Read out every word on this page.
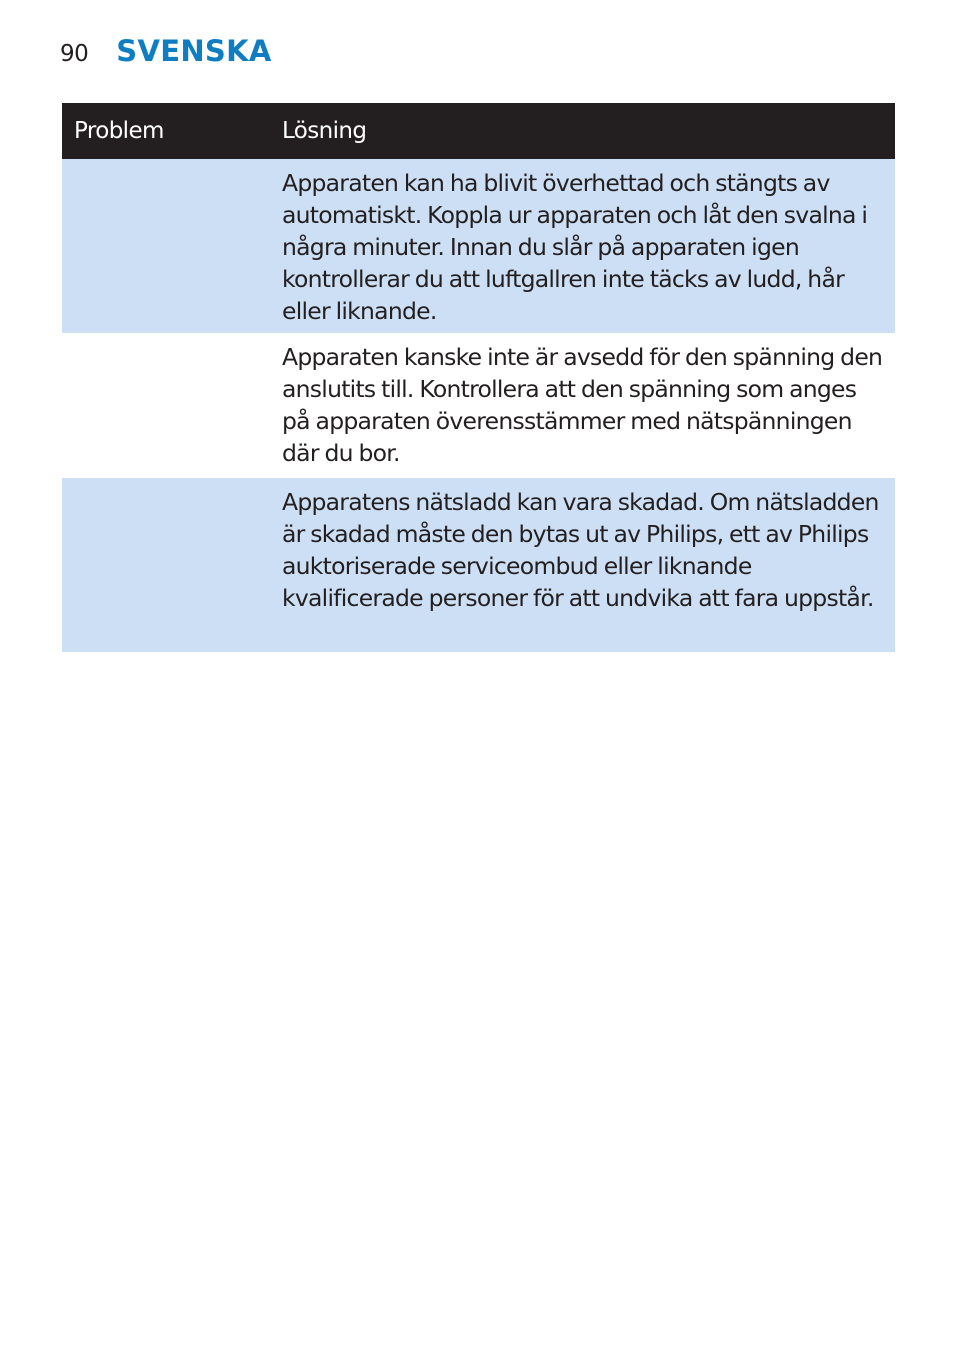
90 SVENSKA
Problem	Lösning
Apparaten kan ha blivit överhettad och stängts av automatiskt. Koppla ur apparaten och låt den svalna i några minuter. Innan du slår på apparaten igen kontrollerar du att luftgallren inte täcks av ludd, hår eller liknande.
Apparaten kanske inte är avsedd för den spänning den anslutits till. Kontrollera att den spänning som anges på apparaten överensstämmer med nätspänningen där du bor.
Apparatens nätsladd kan vara skadad. Om nätsladden är skadad måste den bytas ut av Philips, ett av Philips auktoriserade serviceombud eller liknande kvalificerade personer för att undvika att fara uppstår.
